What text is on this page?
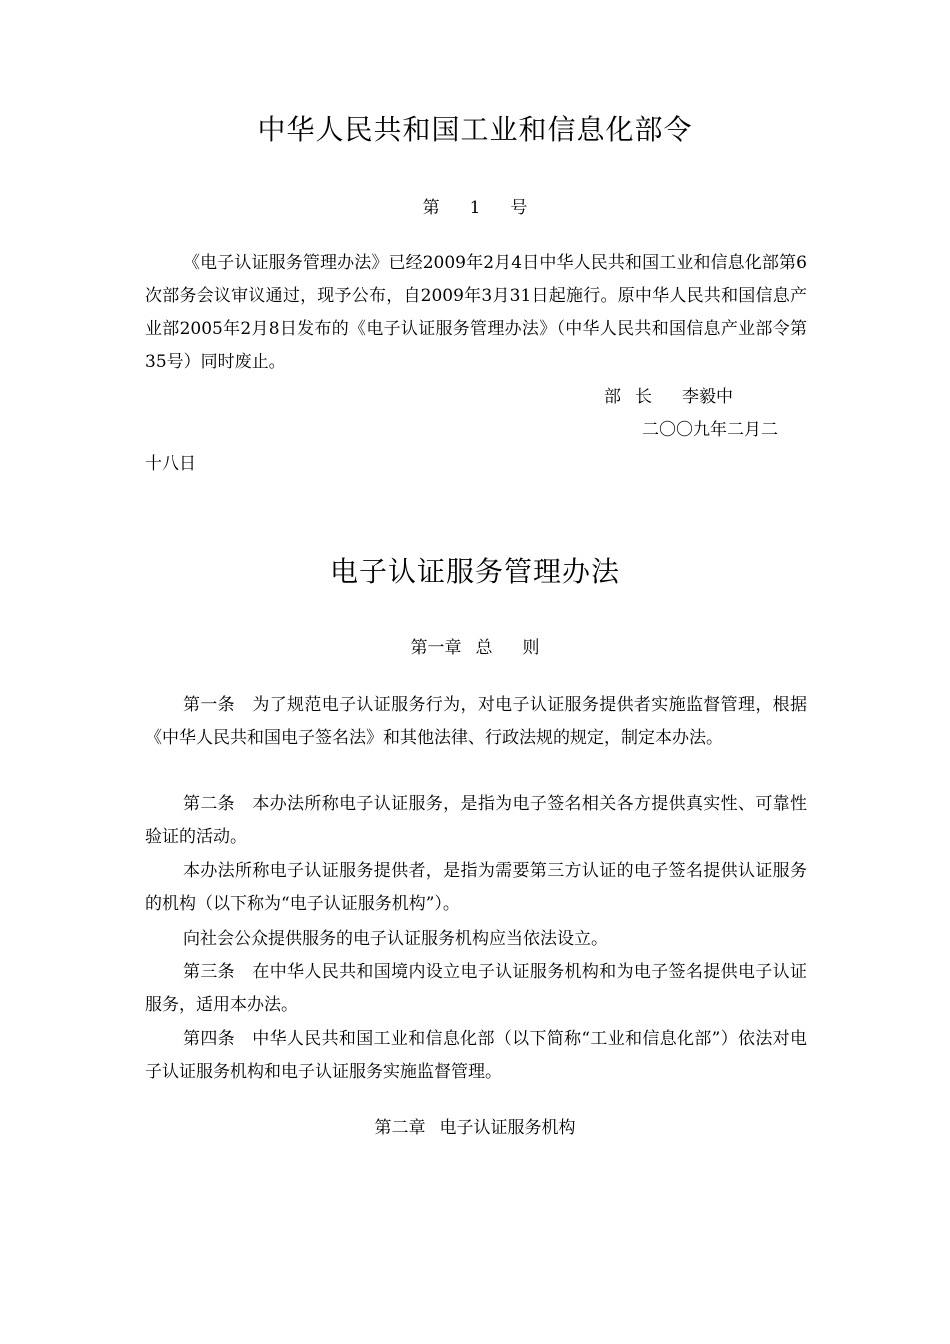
中华人民共和国工业和信息化部令
第 1 号

《电子认证服务管理办法》已经2009年2月4日中华人民共和国工业和信息化部第6次部务会议审议通过，现予公布，自2009年3月31日起施行。原中华人民共和国信息产业部2005年2月8日发布的《电子认证服务管理办法》（中华人民共和国信息产业部令第35号）同时废止。

部 长 李毅中
二〇〇九年二月二
十八日
电子认证服务管理办法
第一章 总 则

第一条　为了规范电子认证服务行为，对电子认证服务提供者实施监督管理，根据《中华人民共和国电子签名法》和其他法律、行政法规的规定，制定本办法。

第二条　本办法所称电子认证服务，是指为电子签名相关各方提供真实性、可靠性验证的活动。

本办法所称电子认证服务提供者，是指为需要第三方认证的电子签名提供认证服务的机构（以下称为“电子认证服务机构”）。

向社会公众提供服务的电子认证服务机构应当依法设立。

第三条　在中华人民共和国境内设立电子认证服务机构和为电子签名提供电子认证服务，适用本办法。

第四条　中华人民共和国工业和信息化部（以下简称“工业和信息化部”）依法对电子认证服务机构和电子认证服务实施监督管理。

第二章 电子认证服务机构
